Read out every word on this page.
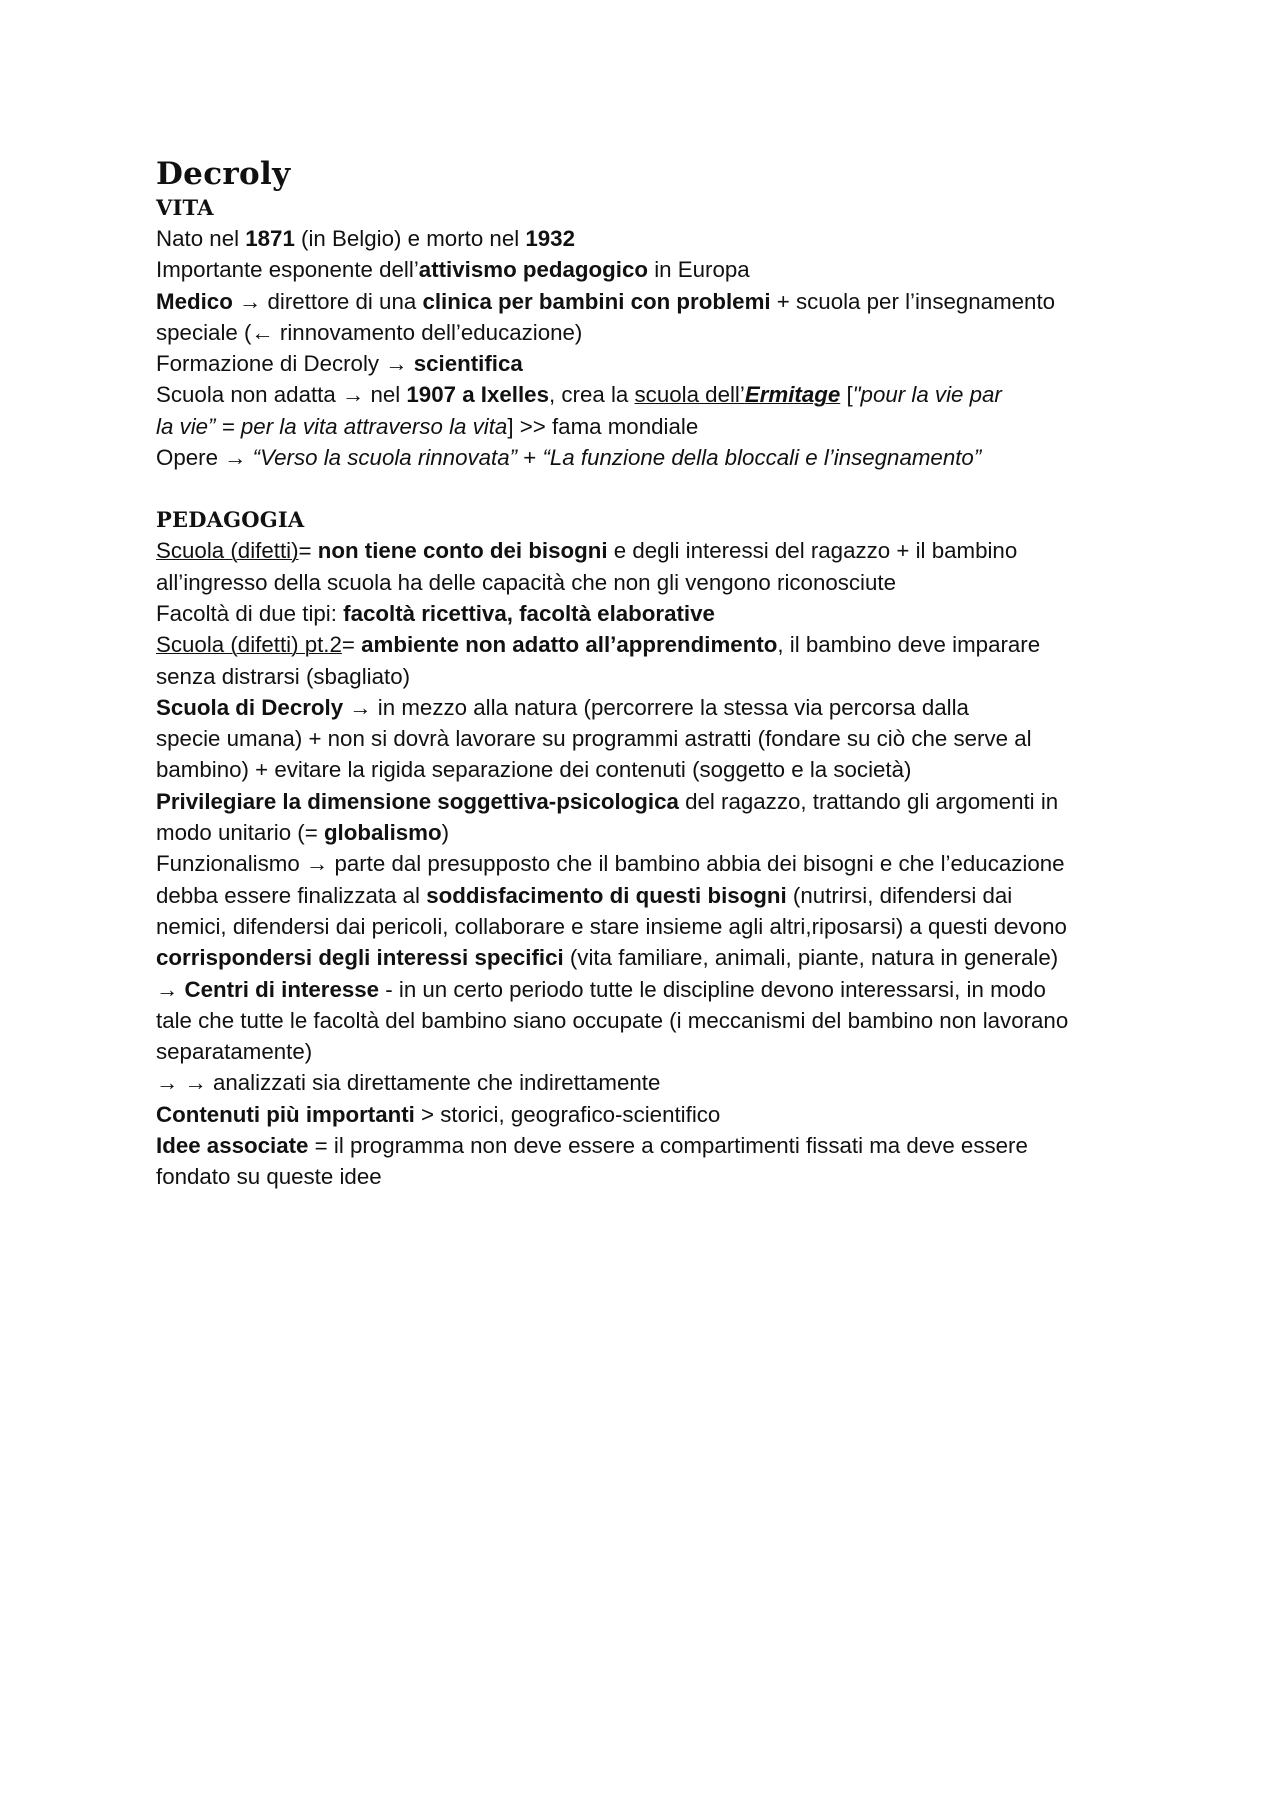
Decroly
VITA
Nato nel 1871 (in Belgio) e morto nel 1932
Importante esponente dell’attivismo pedagogico in Europa
Medico → direttore di una clinica per bambini con problemi + scuola per l’insegnamento
speciale (← rinnovamento dell’educazione)
Formazione di Decroly → scientifica
Scuola non adatta → nel 1907 a Ixelles, crea la scuola dell’Ermitage ["pour la vie par
la vie” = per la vita attraverso la vita] >> fama mondiale
Opere → “Verso la scuola rinnovata” + “La funzione della bloccali e l’insegnamento”
PEDAGOGIA
Scuola (difetti)= non tiene conto dei bisogni e degli interessi del ragazzo + il bambino
all’ingresso della scuola ha delle capacità che non gli vengono riconosciute
Facoltà di due tipi: facoltà ricettiva, facoltà elaborative
Scuola (difetti) pt.2= ambiente non adatto all’apprendimento, il bambino deve imparare
senza distrarsi (sbagliato)
Scuola di Decroly → in mezzo alla natura (percorrere la stessa via percorsa dalla
specie umana) + non si dovrà lavorare su programmi astratti (fondare su ciò che serve al
bambino) + evitare la rigida separazione dei contenuti (soggetto e la società)
Privilegiare la dimensione soggettiva-psicologica del ragazzo, trattando gli argomenti in
modo unitario (= globalismo)
Funzionalismo → parte dal presupposto che il bambino abbia dei bisogni e che l’educazione
debba essere finalizzata al soddisfacimento di questi bisogni (nutrirsi, difendersi dai
nemici, difendersi dai pericoli, collaborare e stare insieme agli altri,riposarsi) a questi devono
corrispondersi degli interessi specifici (vita familiare, animali, piante, natura in generale)
→ Centri di interesse - in un certo periodo tutte le discipline devono interessarsi, in modo
tale che tutte le facoltà del bambino siano occupate (i meccanismi del bambino non lavorano
separatamente)
→ → analizzati sia direttamente che indirettamente
Contenuti più importanti > storici, geografico-scientifico
Idee associate = il programma non deve essere a compartimenti fissati ma deve essere
fondato su queste idee
